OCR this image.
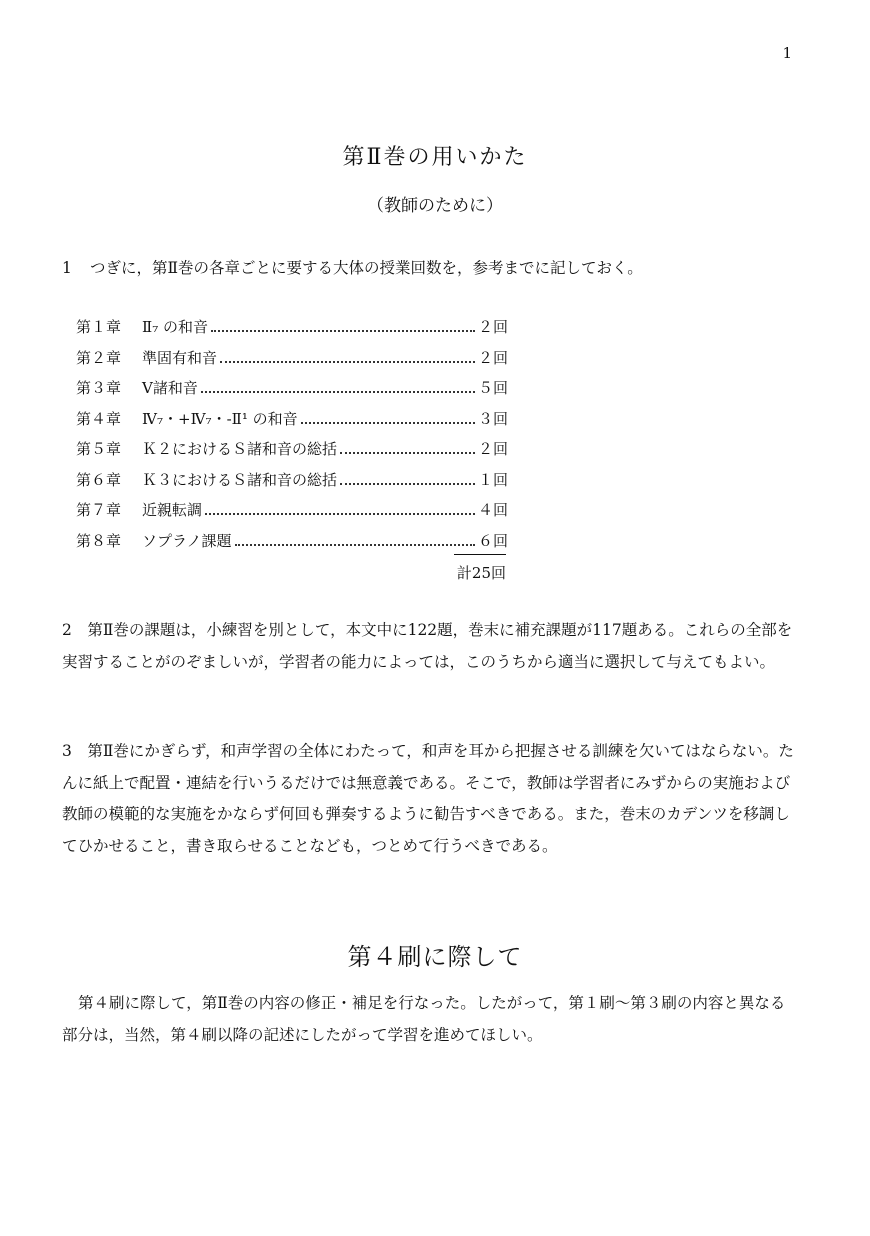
1
第Ⅱ巻の用いかた
（教師のために）
1 つぎに，第Ⅱ巻の各章ごとに要する大体の授業回数を，参考までに記しておく。
第１章	Ⅱ₇ の和音	２回
第２章	準固有和音	２回
第３章	Ⅴ諸和音	５回
第４章	Ⅳ₇・+Ⅳ₇・-Ⅱ¹ の和音	３回
第５章	Ｋ２におけるＳ諸和音の総括	２回
第６章	Ｋ３におけるＳ諸和音の総括	１回
第７章	近親転調	４回
第８章	ソプラノ課題	６回
計25回
2　第Ⅱ巻の課題は，小練習を別として，本文中に122題，巻末に補充課題が117題ある。これらの全部を実習することがのぞましいが，学習者の能力によっては，このうちから適当に選択して与えてもよい。
3　第Ⅱ巻にかぎらず，和声学習の全体にわたって，和声を耳から把握させる訓練を欠いてはならない。たんに紙上で配置・連結を行いうるだけでは無意義である。そこで，教師は学習者にみずからの実施および教師の模範的な実施をかならず何回も弾奏するように勧告すべきである。また，巻末のカデンツを移調してひかせること，書き取らせることなども，つとめて行うべきである。
第４刷に際して
第４刷に際して，第Ⅱ巻の内容の修正・補足を行なった。したがって，第１刷～第３刷の内容と異なる部分は，当然，第４刷以降の記述にしたがって学習を進めてほしい。
